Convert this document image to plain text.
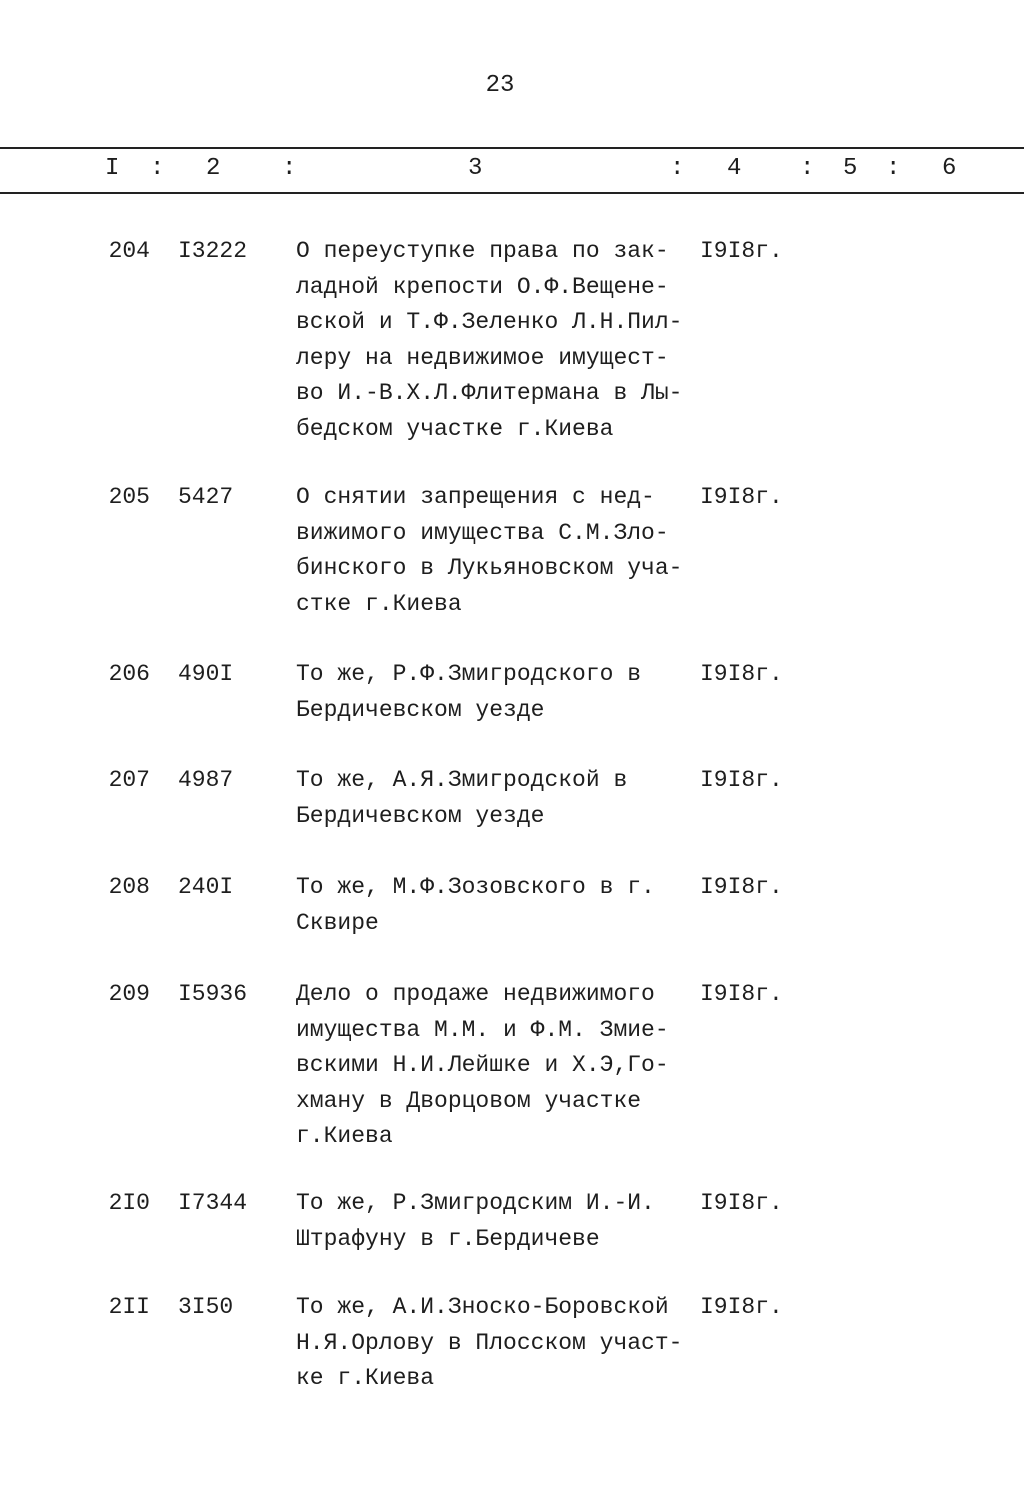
23
I : 2	:	3	: 4 : 5 : 6
204 I3222 О переуступке права по зак-
ладной крепости О.Ф.Вещене-
вской и Т.Ф.Зеленко Л.Н.Пил-
леру на недвижимое имущест-
во И.-В.Х.Л.Флитермана в Лы-
бедском участке г.Киева
I9I8г.
205 5427	О снятии запрещения с нед-
вижимого имущества С.М.Зло-
бинского в Лукьяновском уча-
стке г.Киева
I9I8г.
206 490I	То же, Р.Ф.Змигродского в
Бердичевском уезде
I9I8г.
207 4987	То же, А.Я.Змигродской в
Бердичевском уезде
I9I8г.
208 240I	То же, М.Ф.Зозовского в г.
Сквире
I9I8г.
209 I5936 Дело о продаже недвижимого
имущества М.М. и Ф.М. Змие-
вскими Н.И.Лейшке и Х.Э,Го-
хману в Дворцовом участке
г.Киева
I9I8г.
2I0 I7344 То же, Р.Змигродским И.-И.
Штрафуну в г.Бердичеве
I9I8г.
2II 3I50	То же, А.И.Зноско-Боровской
Н.Я.Орлову в Плосском участ-
ке г.Киева
I9I8г.
